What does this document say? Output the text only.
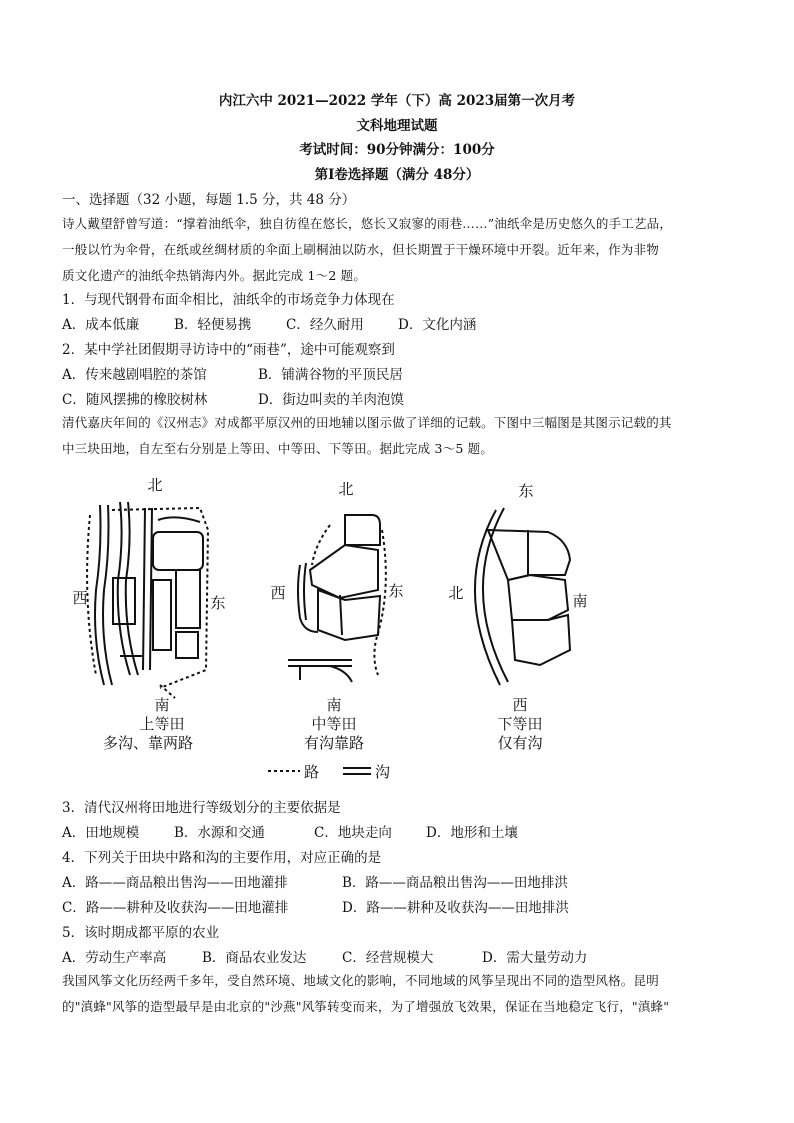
内江六中 2021—2022 学年（下）高 2023届第一次月考
文科地理试题
考试时间：90分钟满分：100分
第Ⅰ卷选择题（满分 48分）
一、选择题（32 小题，每题 1.5 分，共 48 分）
诗人戴望舒曾写道：“撑着油纸伞，独自彷徨在悠长，悠长又寂寥的雨巷……”油纸伞是历史悠久的手工艺品，
一般以竹为伞骨，在纸或丝绸材质的伞面上刷桐油以防水，但长期置于干燥环境中开裂。近年来，作为非物
质文化遗产的油纸伞热销海内外。据此完成 1～2 题。
1．与现代钢骨布面伞相比，油纸伞的市场竞争力体现在
A．成本低廉	B．轻便易携	C．经久耐用	D．文化内涵
2．某中学社团假期寻访诗中的“雨巷”，途中可能观察到
A．传来越剧唱腔的茶馆	B．铺满谷物的平顶民居
C．随风摆拂的橡胶树林	D．街边叫卖的羊肉泡馍
清代嘉庆年间的《汉州志》对成都平原汉州的田地辅以图示做了详细的记载。下图中三幅图是其图示记载的其
中三块田地，自左至右分别是上等田、中等田、下等田。据此完成 3～5 题。
北
西	东
南
上等田
多沟、靠两路
北
西	东
南
中等田
有沟靠路
东
北	南
西
下等田
仅有沟
路	沟
3．清代汉州将田地进行等级划分的主要依据是
A．田地规模	B．水源和交通	C．地块走向	D．地形和土壤
4．下列关于田块中路和沟的主要作用，对应正确的是
A．路——商品粮出售沟——田地灌排	B．路——商品粮出售沟——田地排洪
C．路——耕种及收获沟——田地灌排	D．路——耕种及收获沟——田地排洪
5．该时期成都平原的农业
A．劳动生产率高	B．商品农业发达	C．经营规模大	D．需大量劳动力
我国风筝文化历经两千多年，受自然环境、地域文化的影响，不同地域的风筝呈现出不同的造型风格。昆明
的"滇蜂"风筝的造型最早是由北京的"沙燕"风筝转变而来，为了增强放飞效果，保证在当地稳定飞行，"滇蜂"
